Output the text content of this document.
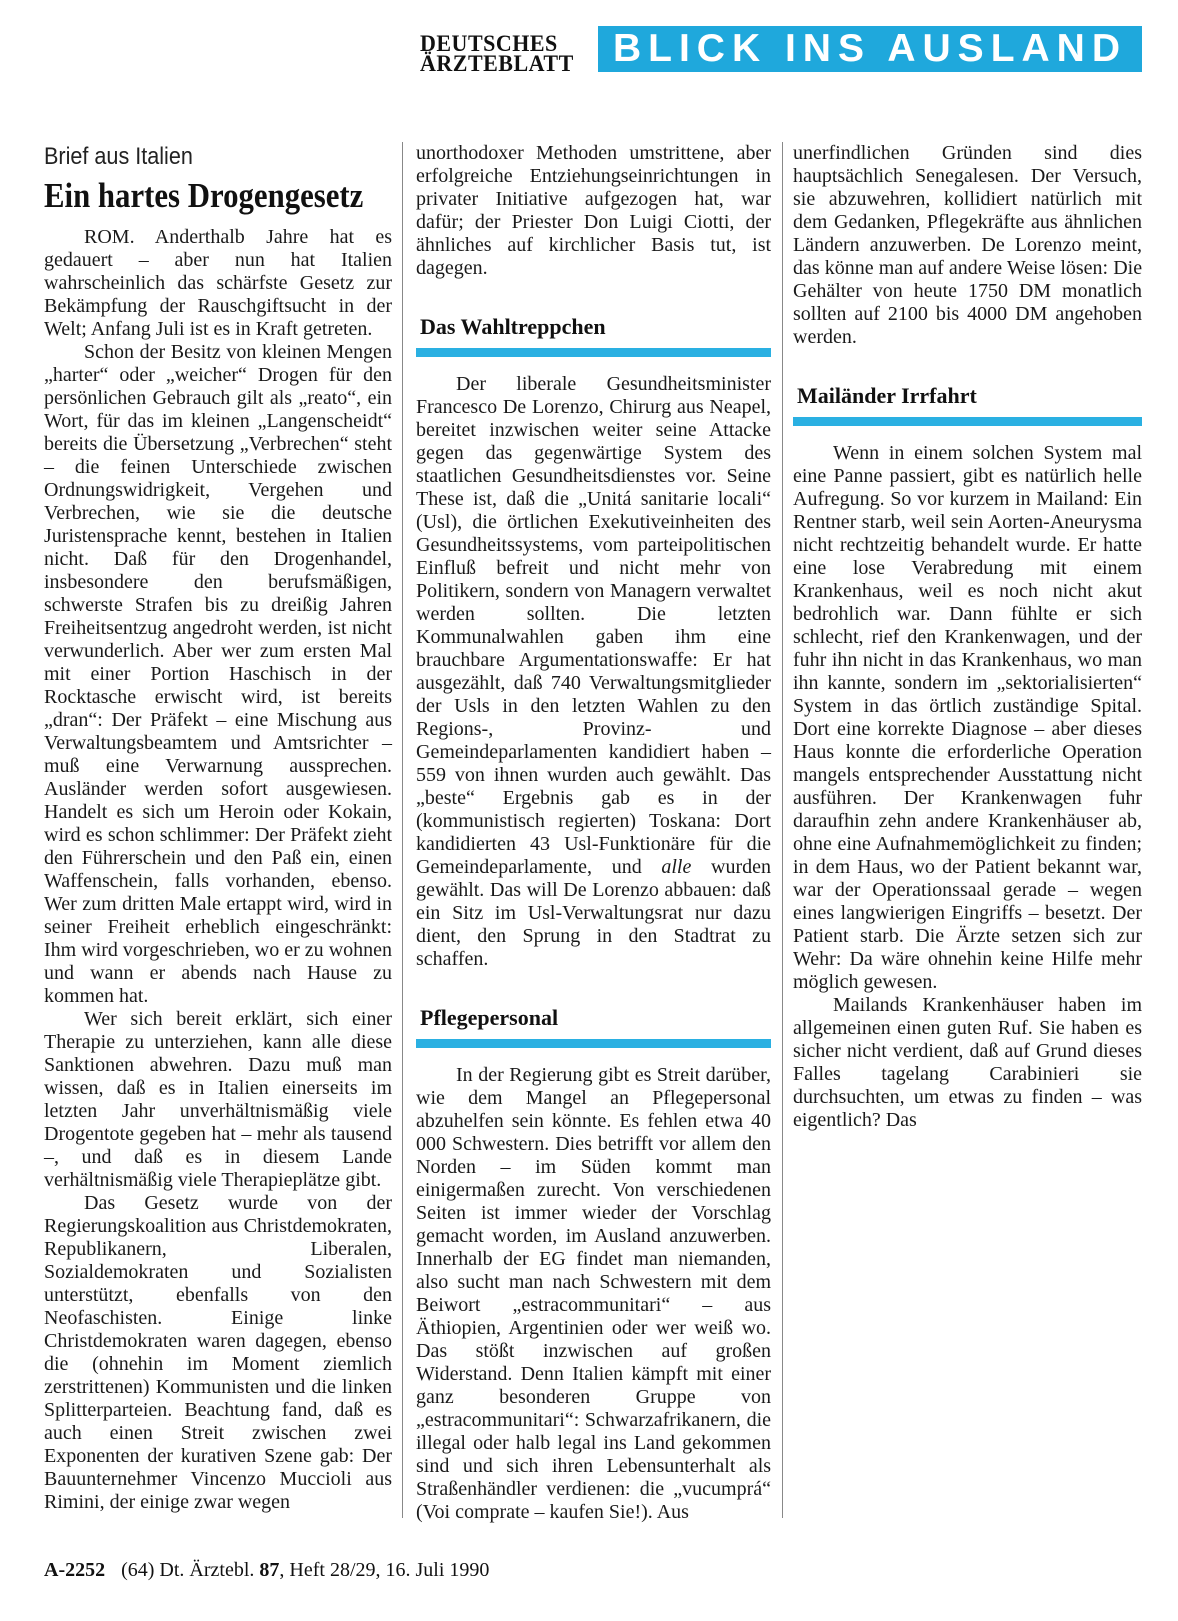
DEUTSCHES
ÄRZTEBLATT	BLICK INS AUSLAND
Brief aus Italien
Ein hartes Drogengesetz

ROM. Anderthalb Jahre hat es gedauert – aber nun hat Italien wahrscheinlich das schärfste Gesetz zur Bekämpfung der Rauschgiftsucht in der Welt; Anfang Juli ist es in Kraft getreten.

Schon der Besitz von kleinen Mengen „harter“ oder „weicher“ Drogen für den persönlichen Gebrauch gilt als „reato“, ein Wort, für das im kleinen „Langenscheidt“ bereits die Übersetzung „Verbrechen“ steht – die feinen Unterschiede zwischen Ordnungswidrigkeit, Vergehen und Verbrechen, wie sie die deutsche Juristensprache kennt, bestehen in Italien nicht. Daß für den Drogenhandel, insbesondere den berufsmäßigen, schwerste Strafen bis zu dreißig Jahren Freiheitsentzug angedroht werden, ist nicht verwunderlich. Aber wer zum ersten Mal mit einer Portion Haschisch in der Rocktasche erwischt wird, ist bereits „dran“: Der Präfekt – eine Mischung aus Verwaltungsbeamtem und Amtsrichter – muß eine Verwarnung aussprechen. Ausländer werden sofort ausgewiesen. Handelt es sich um Heroin oder Kokain, wird es schon schlimmer: Der Präfekt zieht den Führerschein und den Paß ein, einen Waffenschein, falls vorhanden, ebenso. Wer zum dritten Male ertappt wird, wird in seiner Freiheit erheblich eingeschränkt: Ihm wird vorgeschrieben, wo er zu wohnen und wann er abends nach Hause zu kommen hat.

Wer sich bereit erklärt, sich einer Therapie zu unterziehen, kann alle diese Sanktionen abwehren. Dazu muß man wissen, daß es in Italien einerseits im letzten Jahr unverhältnismäßig viele Drogentote gegeben hat – mehr als tausend –, und daß es in diesem Lande verhältnismäßig viele Therapieplätze gibt.

Das Gesetz wurde von der Regierungskoalition aus Christdemokraten, Republikanern,	Liberalen, Sozialdemokraten und Sozialisten unterstützt, ebenfalls von den Neofaschisten.	Einige	linke Christdemokraten waren dagegen, ebenso die (ohnehin im Moment ziemlich zerstrittenen) Kommunisten und die linken Splitterparteien. Beachtung fand, daß es auch einen Streit zwischen zwei Exponenten der kurativen Szene gab: Der Bauunternehmer Vincenzo Muccioli aus Rimini, der einige zwar wegen

unorthodoxer Methoden umstrittene, aber erfolgreiche Entziehungseinrichtungen in privater Initiative aufgezogen hat, war dafür; der Priester Don Luigi Ciotti, der ähnliches auf kirchlicher Basis tut, ist dagegen.

Das Wahltreppchen

Der liberale Gesundheitsminister Francesco De Lorenzo, Chirurg aus Neapel, bereitet inzwischen weiter seine Attacke gegen das gegenwärtige System des staatlichen Gesundheitsdienstes vor. Seine These ist, daß die „Unitá sanitarie locali“ (Usl), die örtlichen Exekutiveinheiten des Gesundheitssystems, vom parteipolitischen Einfluß befreit und nicht mehr von Politikern, sondern von Managern verwaltet werden	sollten.	Die	letzten Kommunalwahlen gaben ihm eine brauchbare Argumentationswaffe: Er hat ausgezählt, daß 740 Verwaltungsmitglieder der Usls in den letzten Wahlen zu den Regions-,	Provinz-	und Gemeindeparlamenten kandidiert haben – 559 von ihnen wurden auch gewählt. Das „beste“ Ergebnis gab es in der (kommunistisch regierten) Toskana: Dort kandidierten 43 Usl-Funktionäre für die Gemeindeparlamente, und alle wurden gewählt. Das will De Lorenzo abbauen: daß ein Sitz im Usl-Verwaltungsrat nur dazu dient, den Sprung in den Stadtrat zu schaffen.

Pflegepersonal

In der Regierung gibt es Streit darüber, wie dem Mangel an Pflegepersonal abzuhelfen sein könnte. Es fehlen etwa 40 000 Schwestern. Dies betrifft vor allem den Norden – im Süden kommt man einigermaßen zurecht. Von verschiedenen Seiten ist immer wieder der Vorschlag gemacht worden, im Ausland anzuwerben. Innerhalb der EG findet man niemanden, also sucht man nach Schwestern mit dem Beiwort „estracommunitari“ – aus Äthiopien, Argentinien oder wer weiß wo. Das stößt inzwischen auf großen Widerstand. Denn Italien kämpft mit einer ganz besonderen Gruppe von „estracommunitari“: Schwarzafrikanern, die illegal oder halb legal ins Land gekommen sind und sich ihren Lebensunterhalt als Straßenhändler verdienen: die „vucumprá“ (Voi comprate – kaufen Sie!). Aus

unerfindlichen Gründen sind dies hauptsächlich Senegalesen. Der Versuch, sie abzuwehren, kollidiert natürlich mit dem Gedanken, Pflegekräfte aus ähnlichen Ländern anzuwerben. De Lorenzo meint, das könne man auf andere Weise lösen: Die Gehälter von heute 1750 DM monatlich sollten auf 2100 bis 4000 DM angehoben werden.

Mailänder Irrfahrt

Wenn in einem solchen System mal eine Panne passiert, gibt es natürlich helle Aufregung. So vor kurzem in Mailand: Ein Rentner starb, weil sein Aorten-Aneurysma nicht rechtzeitig behandelt wurde. Er hatte eine lose Verabredung mit einem Krankenhaus, weil es noch nicht akut bedrohlich war. Dann fühlte er sich schlecht, rief den Krankenwagen, und der fuhr ihn nicht in das Krankenhaus, wo man ihn kannte, sondern im „sektorialisierten“ System in das örtlich zuständige Spital. Dort eine korrekte Diagnose – aber dieses Haus konnte die erforderliche Operation mangels entsprechender Ausstattung nicht ausführen. Der Krankenwagen fuhr daraufhin zehn andere Krankenhäuser ab, ohne eine Aufnahmemöglichkeit zu finden; in dem Haus, wo der Patient bekannt war, war der Operationssaal gerade – wegen eines langwierigen Eingriffs – besetzt. Der Patient starb. Die Ärzte setzen sich zur Wehr: Da wäre ohnehin keine Hilfe mehr möglich gewesen.

Mailands Krankenhäuser haben im allgemeinen einen guten Ruf. Sie haben es sicher nicht verdient, daß auf Grund dieses Falles tagelang Carabinieri sie durchsuchten, um etwas zu finden – was eigentlich? Das

A-2252 (64) Dt. Ärztebl. 87, Heft 28/29, 16. Juli 1990
